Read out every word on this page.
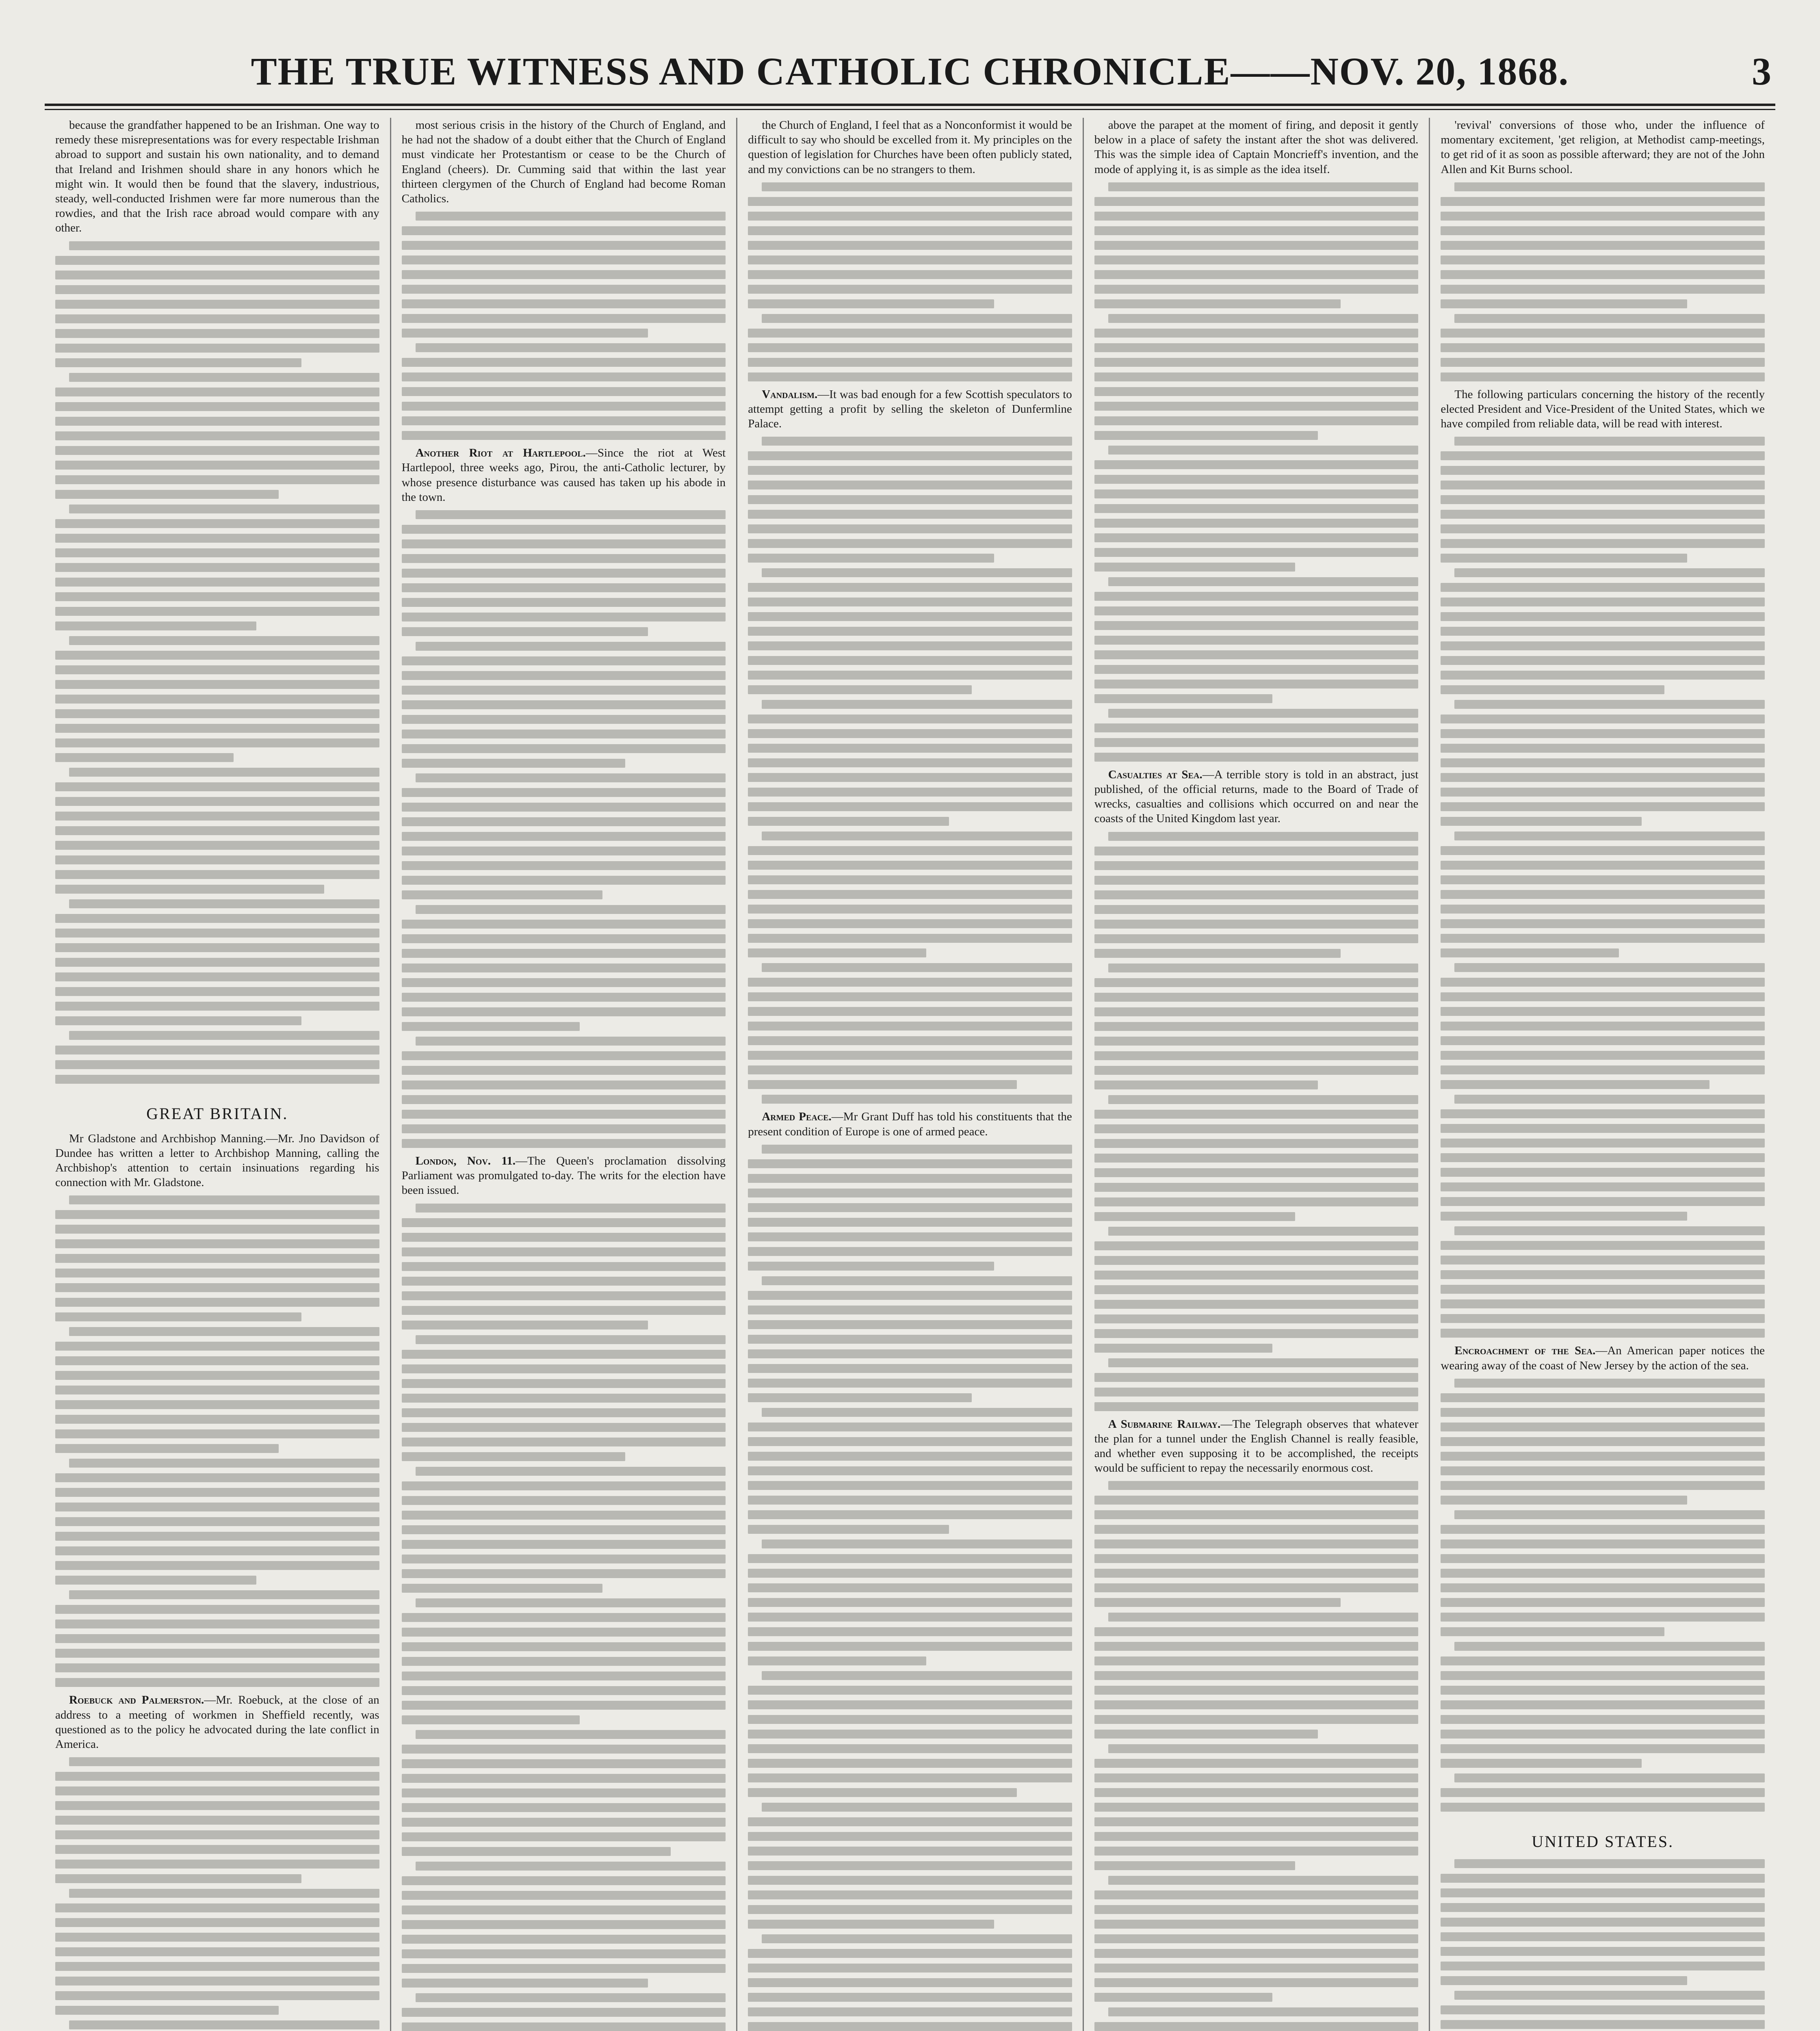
THE TRUE WITNESS AND CATHOLIC CHRONICLE——NOV. 20, 1868.	3

because the grandfather happened to be an Irishman. One way to remedy these misrepresentations was for every respectable Irishman abroad to support and sustain his own nationality, and to demand that Ireland and Irishmen should share in any honors which he might win. It would then be found that the slavery, industrious, steady, well-conducted Irishmen were far more numerous than the rowdies, and that the Irish race abroad would compare with any other.

GREAT BRITAIN.

Mr Gladstone and Archbishop Manning.—Mr. Jno Davidson of Dundee has written a letter to Archbishop Manning, calling the Archbishop's attention to certain insinuations regarding his connection with Mr. Gladstone.

Roebuck and Palmerston.—Mr. Roebuck, at the close of an address to a meeting of workmen in Sheffield recently, was questioned as to the policy he advocated during the late conflict in America.

most serious crisis in the history of the Church of England, and he had not the shadow of a doubt either that the Church of England must vindicate her Protestantism or cease to be the Church of England (cheers). Dr. Cumming said that within the last year thirteen clergymen of the Church of England had become Roman Catholics.

Another Riot at Hartlepool.—Since the riot at West Hartlepool, three weeks ago, Pirou, the anti-Catholic lecturer, by whose presence disturbance was caused has taken up his abode in the town.

London, Nov. 11.—The Queen's proclamation dissolving Parliament was promulgated to-day. The writs for the election have been issued.

the Church of England, I feel that as a Nonconformist it would be difficult to say who should be excelled from it. My principles on the question of legislation for Churches have been often publicly stated, and my convictions can be no strangers to them.

Vandalism.—It was bad enough for a few Scottish speculators to attempt getting a profit by selling the skeleton of Dunfermline Palace.

Armed Peace.—Mr Grant Duff has told his constituents that the present condition of Europe is one of armed peace.

above the parapet at the moment of firing, and deposit it gently below in a place of safety the instant after the shot was delivered. This was the simple idea of Captain Moncrieff's invention, and the mode of applying it, is as simple as the idea itself.

Casualties at Sea.—A terrible story is told in an abstract, just published, of the official returns, made to the Board of Trade of wrecks, casualties and collisions which occurred on and near the coasts of the United Kingdom last year.

A Submarine Railway.—The Telegraph observes that whatever the plan for a tunnel under the English Channel is really feasible, and whether even supposing it to be accomplished, the receipts would be sufficient to repay the necessarily enormous cost.

'revival' conversions of those who, under the influence of momentary excitement, 'get religion, at Methodist camp-meetings, to get rid of it as soon as possible afterward; they are not of the John Allen and Kit Burns school.

The following particulars concerning the history of the recently elected President and Vice-President of the United States, which we have compiled from reliable data, will be read with interest.

Encroachment of the Sea.—An American paper notices the wearing away of the coast of New Jersey by the action of the sea.

UNITED STATES.
